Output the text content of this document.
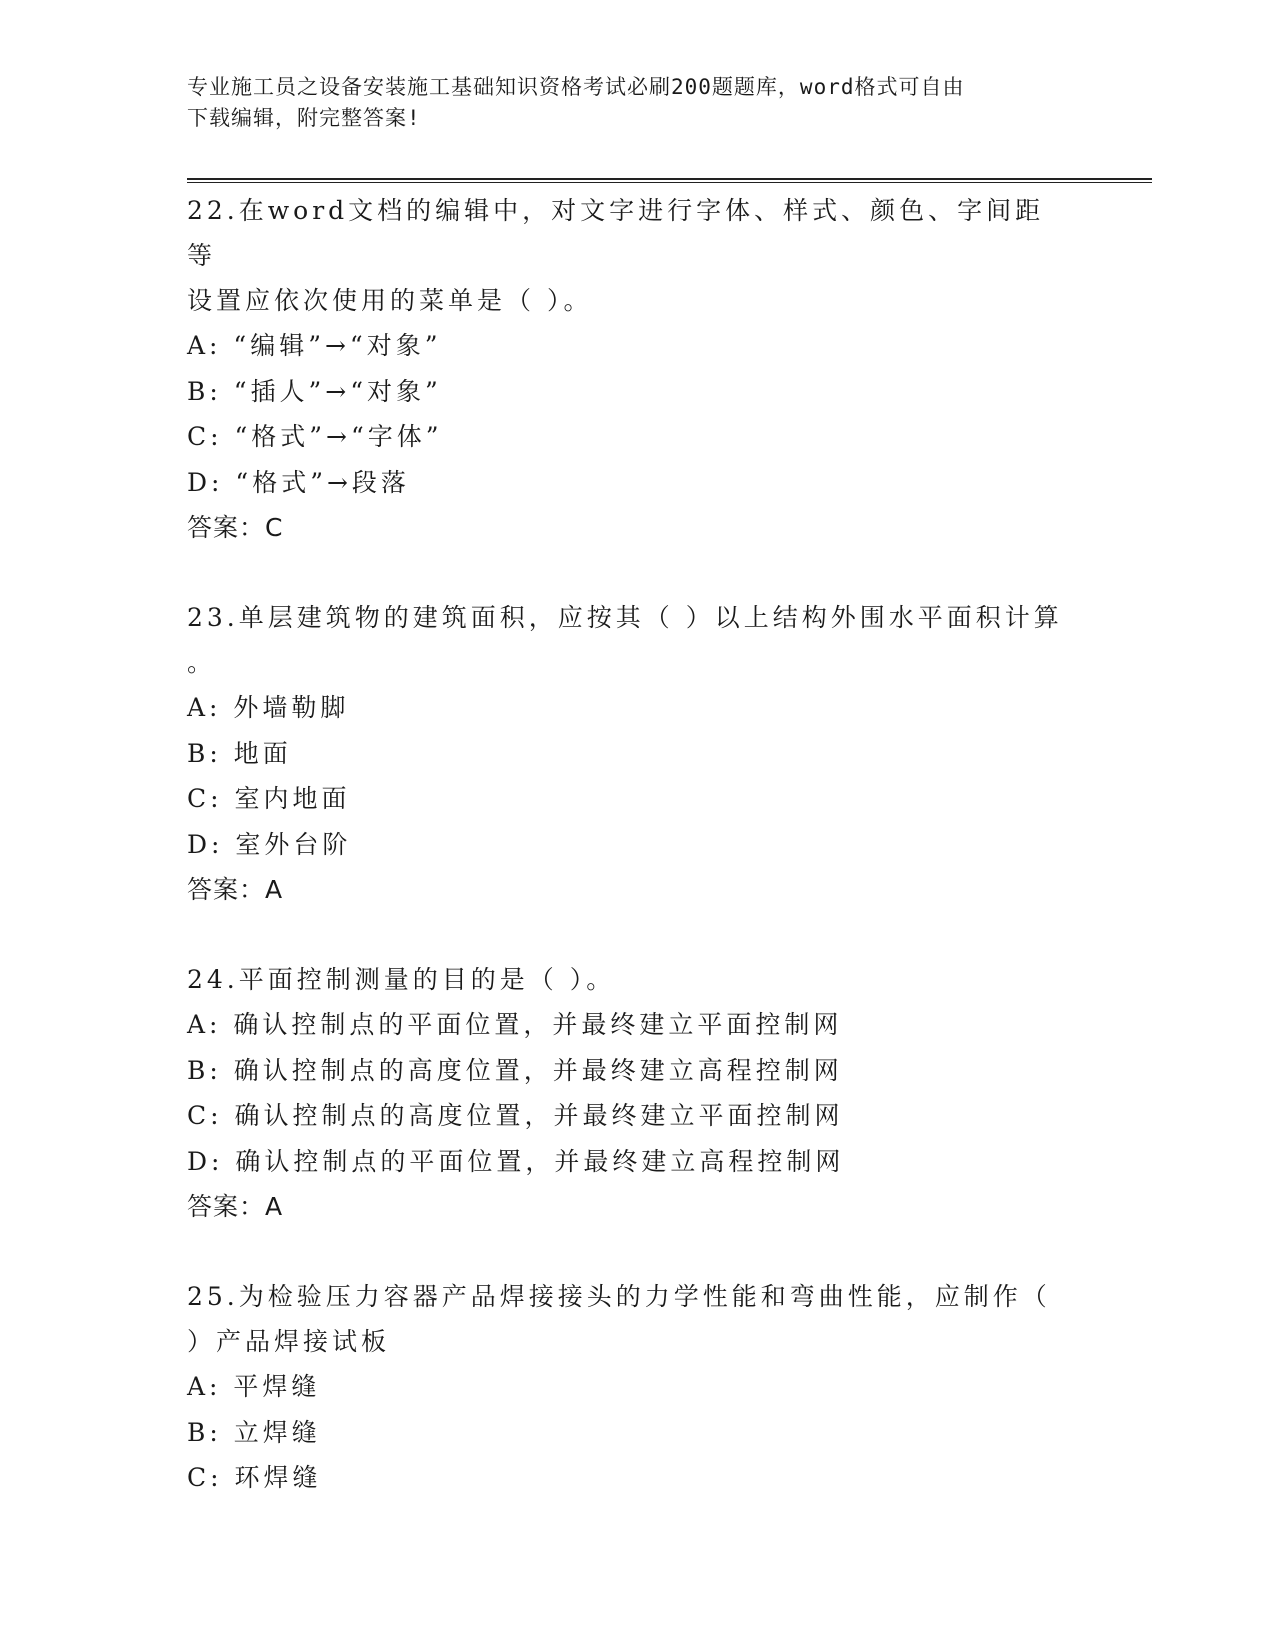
专业施工员之设备安装施工基础知识资格考试必刷200题题库，word格式可自由
下载编辑，附完整答案!
22.在word文档的编辑中，对文字进行字体、样式、颜色、字间距等
设置应依次使用的菜单是（ ）。
A: “编辑”→“对象”
B: “插人”→“对象”
C: “格式”→“字体”
D: “格式”→段落
答案：C
23.单层建筑物的建筑面积，应按其（ ）以上结构外围水平面积计算
。
A: 外墙勒脚
B: 地面
C: 室内地面
D: 室外台阶
答案：A
24.平面控制测量的目的是（ ）。
A: 确认控制点的平面位置，并最终建立平面控制网
B: 确认控制点的高度位置，并最终建立高程控制网
C: 确认控制点的高度位置，并最终建立平面控制网
D: 确认控制点的平面位置，并最终建立高程控制网
答案：A
25.为检验压力容器产品焊接接头的力学性能和弯曲性能，应制作（
）产品焊接试板
A: 平焊缝
B: 立焊缝
C: 环焊缝
